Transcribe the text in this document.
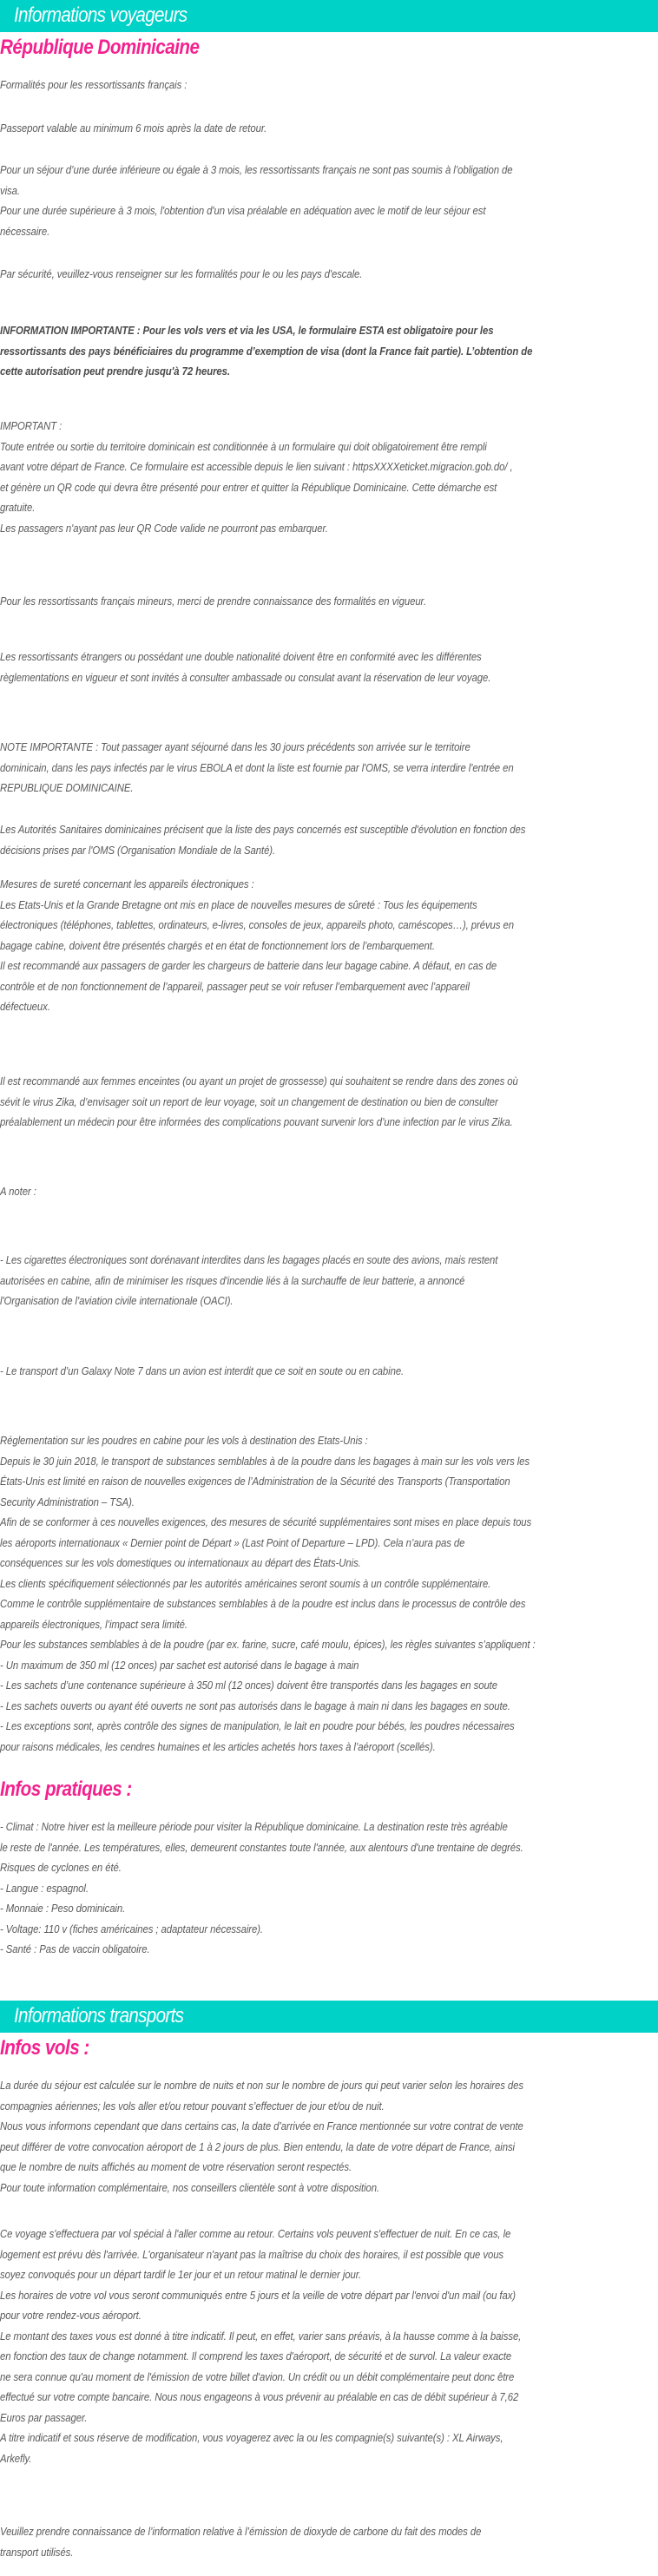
Informations voyageurs
République Dominicaine

Formalités pour les ressortissants français :

Passeport valable au minimum 6 mois après la date de retour.

Pour un séjour d’une durée inférieure ou égale à 3 mois, les ressortissants français ne sont pas soumis à l’obligation de
visa.
Pour une durée supérieure à 3 mois, l'obtention d'un visa préalable en adéquation avec le motif de leur séjour est
nécessaire.

Par sécurité, veuillez-vous renseigner sur les formalités pour le ou les pays d'escale.

INFORMATION IMPORTANTE : Pour les vols vers et via les USA, le formulaire ESTA est obligatoire pour les
ressortissants des pays bénéficiaires du programme d’exemption de visa (dont la France fait partie). L’obtention de
cette autorisation peut prendre jusqu'à 72 heures.

IMPORTANT :
Toute entrée ou sortie du territoire dominicain est conditionnée à un formulaire qui doit obligatoirement être rempli
avant votre départ de France. Ce formulaire est accessible depuis le lien suivant : httpsXXXXeticket.migracion.gob.do/ ,
et génère un QR code qui devra être présenté pour entrer et quitter la République Dominicaine. Cette démarche est
gratuite.
Les passagers n'ayant pas leur QR Code valide ne pourront pas embarquer.

Pour les ressortissants français mineurs, merci de prendre connaissance des formalités en vigueur.

Les ressortissants étrangers ou possédant une double nationalité doivent être en conformité avec les différentes
règlementations en vigueur et sont invités à consulter ambassade ou consulat avant la réservation de leur voyage.

NOTE IMPORTANTE : Tout passager ayant séjourné dans les 30 jours précédents son arrivée sur le territoire
dominicain, dans les pays infectés par le virus EBOLA et dont la liste est fournie par l'OMS, se verra interdire l'entrée en
REPUBLIQUE DOMINICAINE.

Les Autorités Sanitaires dominicaines précisent que la liste des pays concernés est susceptible d'évolution en fonction des
décisions prises par l'OMS (Organisation Mondiale de la Santé).

Mesures de sureté concernant les appareils électroniques :
Les Etats-Unis et la Grande Bretagne ont mis en place de nouvelles mesures de sûreté : Tous les équipements
électroniques (téléphones, tablettes, ordinateurs, e-livres, consoles de jeux, appareils photo, caméscopes…), prévus en
bagage cabine, doivent être présentés chargés et en état de fonctionnement lors de l’embarquement.
Il est recommandé aux passagers de garder les chargeurs de batterie dans leur bagage cabine. A défaut, en cas de
contrôle et de non fonctionnement de l’appareil, passager peut se voir refuser l’embarquement avec l’appareil
défectueux.

Il est recommandé aux femmes enceintes (ou ayant un projet de grossesse) qui souhaitent se rendre dans des zones où
sévit le virus Zika, d’envisager soit un report de leur voyage, soit un changement de destination ou bien de consulter
préalablement un médecin pour être informées des complications pouvant survenir lors d’une infection par le virus Zika.

A noter :

- Les cigarettes électroniques sont dorénavant interdites dans les bagages placés en soute des avions, mais restent
autorisées en cabine, afin de minimiser les risques d'incendie liés à la surchauffe de leur batterie, a annoncé
l'Organisation de l'aviation civile internationale (OACI).

- Le transport d’un Galaxy Note 7 dans un avion est interdit que ce soit en soute ou en cabine.

Réglementation sur les poudres en cabine pour les vols à destination des Etats-Unis :
Depuis le 30 juin 2018, le transport de substances semblables à de la poudre dans les bagages à main sur les vols vers les
États-Unis est limité en raison de nouvelles exigences de l’Administration de la Sécurité des Transports (Transportation
Security Administration – TSA).
Afin de se conformer à ces nouvelles exigences, des mesures de sécurité supplémentaires sont mises en place depuis tous
les aéroports internationaux « Dernier point de Départ » (Last Point of Departure – LPD). Cela n’aura pas de
conséquences sur les vols domestiques ou internationaux au départ des États-Unis.
Les clients spécifiquement sélectionnés par les autorités américaines seront soumis à un contrôle supplémentaire.
Comme le contrôle supplémentaire de substances semblables à de la poudre est inclus dans le processus de contrôle des
appareils électroniques, l’impact sera limité.
Pour les substances semblables à de la poudre (par ex. farine, sucre, café moulu, épices), les règles suivantes s’appliquent :
- Un maximum de 350 ml (12 onces) par sachet est autorisé dans le bagage à main
- Les sachets d’une contenance supérieure à 350 ml (12 onces) doivent être transportés dans les bagages en soute
- Les sachets ouverts ou ayant été ouverts ne sont pas autorisés dans le bagage à main ni dans les bagages en soute.
- Les exceptions sont, après contrôle des signes de manipulation, le lait en poudre pour bébés, les poudres nécessaires
pour raisons médicales, les cendres humaines et les articles achetés hors taxes à l’aéroport (scellés).

Infos pratiques :

- Climat : Notre hiver est la meilleure période pour visiter la République dominicaine. La destination reste très agréable
le reste de l'année. Les températures, elles, demeurent constantes toute l'année, aux alentours d'une trentaine de degrés.
Risques de cyclones en été.
- Langue : espagnol.
- Monnaie : Peso dominicain.
- Voltage: 110 v (fiches américaines ; adaptateur nécessaire).
- Santé : Pas de vaccin obligatoire.

Informations transports
Infos vols :

La durée du séjour est calculée sur le nombre de nuits et non sur le nombre de jours qui peut varier selon les horaires des
compagnies aériennes; les vols aller et/ou retour pouvant s’effectuer de jour et/ou de nuit.
Nous vous informons cependant que dans certains cas, la date d’arrivée en France mentionnée sur votre contrat de vente
peut différer de votre convocation aéroport de 1 à 2 jours de plus. Bien entendu, la date de votre départ de France, ainsi
que le nombre de nuits affichés au moment de votre réservation seront respectés.
Pour toute information complémentaire, nos conseillers clientèle sont à votre disposition.

Ce voyage s'effectuera par vol spécial à l'aller comme au retour. Certains vols peuvent s'effectuer de nuit. En ce cas, le
logement est prévu dès l'arrivée. L'organisateur n'ayant pas la maîtrise du choix des horaires, il est possible que vous
soyez convoqués pour un départ tardif le 1er jour et un retour matinal le dernier jour.
Les horaires de votre vol vous seront communiqués entre 5 jours et la veille de votre départ par l'envoi d'un mail (ou fax)
pour votre rendez-vous aéroport.
Le montant des taxes vous est donné à titre indicatif. Il peut, en effet, varier sans préavis, à la hausse comme à la baisse,
en fonction des taux de change notamment. Il comprend les taxes d'aéroport, de sécurité et de survol. La valeur exacte
ne sera connue qu'au moment de l'émission de votre billet d'avion. Un crédit ou un débit complémentaire peut donc être
effectué sur votre compte bancaire. Nous nous engageons à vous prévenir au préalable en cas de débit supérieur à 7,62
Euros par passager.
A titre indicatif et sous réserve de modification, vous voyagerez avec la ou les compagnie(s) suivante(s) : XL Airways,
Arkefly.

Veuillez prendre connaissance de l’information relative à l’émission de dioxyde de carbone du fait des modes de
transport utilisés.
